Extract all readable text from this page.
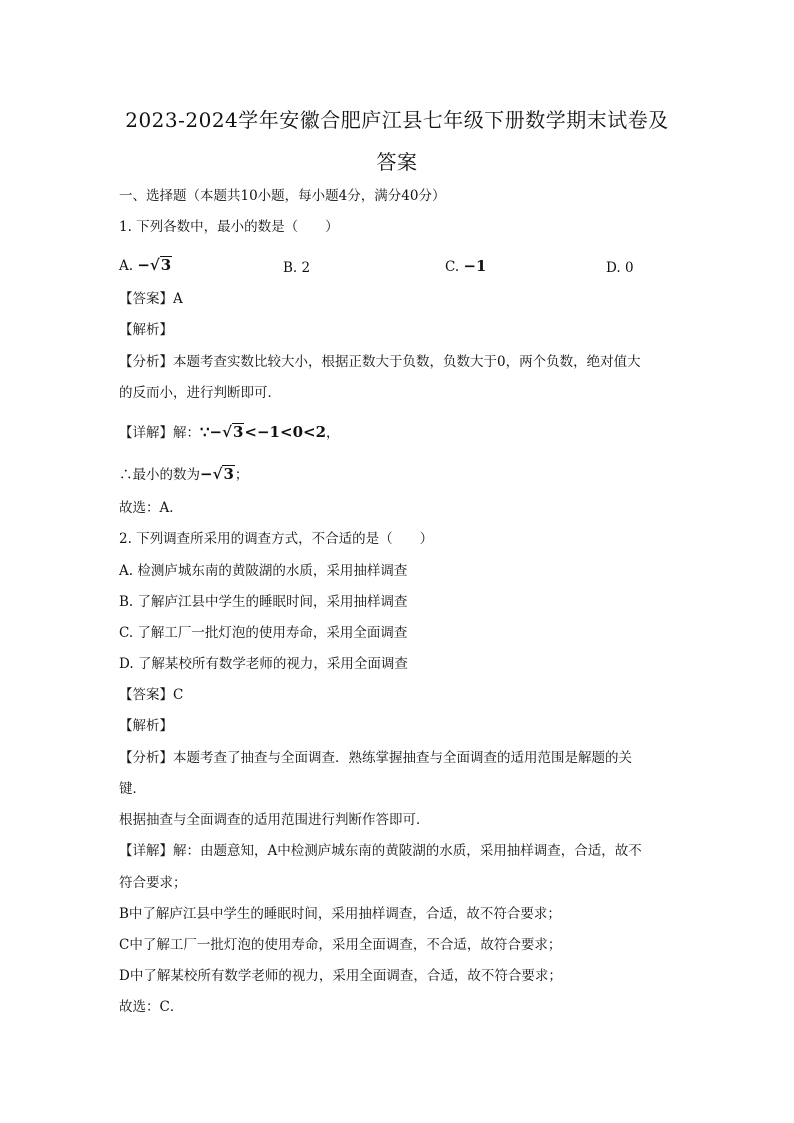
2023-2024学年安徽合肥庐江县七年级下册数学期末试卷及
答案
一、选择题（本题共10小题，每小题4分，满分40分）
1. 下列各数中，最小的数是（　　）
A. −√3	B. 2	C. −1	D. 0
【答案】A
【解析】
【分析】本题考查实数比较大小，根据正数大于负数，负数大于0，两个负数，绝对值大
的反而小，进行判断即可．
【详解】解：∵−√3<−1<0<2，
∴最小的数为−√3；
故选：A．
2. 下列调查所采用的调查方式，不合适的是（　　）
A. 检测庐城东南的黄陂湖的水质，采用抽样调查
B. 了解庐江县中学生的睡眠时间，采用抽样调查
C. 了解工厂一批灯泡的使用寿命，采用全面调查
D. 了解某校所有数学老师的视力，采用全面调查
【答案】C
【解析】
【分析】本题考查了抽查与全面调查．熟练掌握抽查与全面调查的适用范围是解题的关
键．
根据抽查与全面调查的适用范围进行判断作答即可．
【详解】解：由题意知，A中检测庐城东南的黄陂湖的水质，采用抽样调查，合适，故不
符合要求；
B中了解庐江县中学生的睡眠时间，采用抽样调查，合适，故不符合要求；
C中了解工厂一批灯泡的使用寿命，采用全面调查，不合适，故符合要求；
D中了解某校所有数学老师的视力，采用全面调查，合适，故不符合要求；
故选：C．
